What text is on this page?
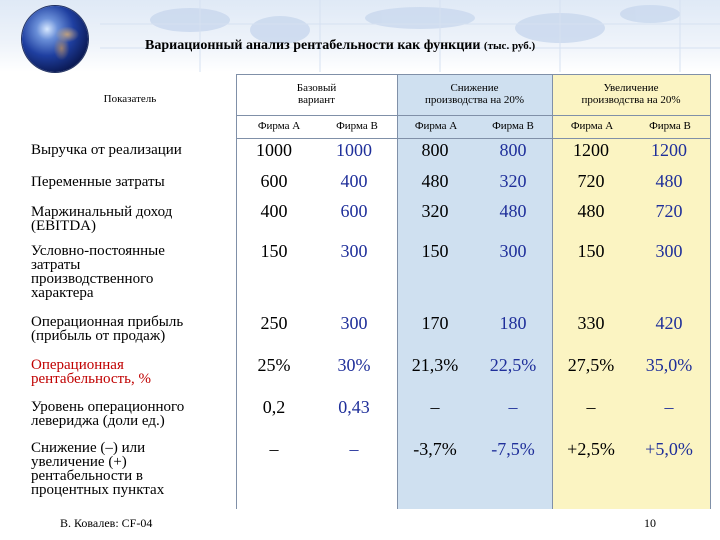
Вариационный анализ рентабельности как функции (тыс. руб.)
Показатель
Базовый
вариант
Снижение
производства на 20%
Увеличение
производства на 20%
Фирма А	Фирма В	Фирма А	Фирма В	Фирма А	Фирма В
Выручка от реализации	1000	1000	800	800	1200	1200
Переменные затраты	600	400	480	320	720	480
Маржинальный доход
(EBITDA)
400	600	320	480	480	720
Условно-постоянные
затраты
производственного
характера
150	300	150	300	150	300
Операционная прибыль
(прибыль от продаж)
250	300	170	180	330	420
Операционная
рентабельность, %
25%	30%	21,3%	22,5%	27,5%	35,0%
Уровень операционного
левериджа (доли ед.)
0,2	0,43	–	–	–	–
Снижение (–) или
увеличение (+)
рентабельности в
процентных пунктах
–	–	-3,7%	-7,5%	+2,5%	+5,0%
В. Ковалев: CF-04	10
